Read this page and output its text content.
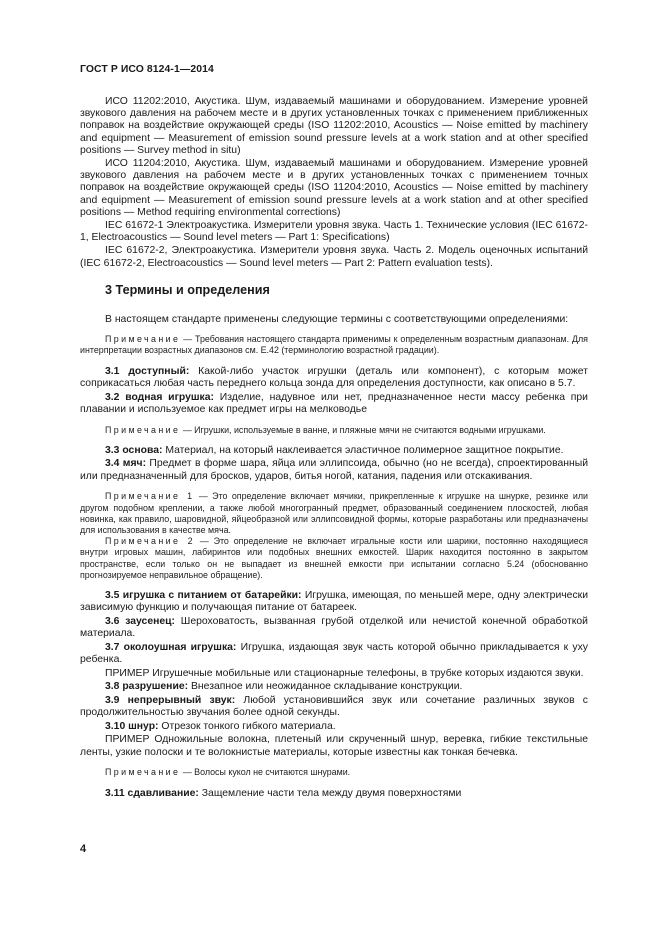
ГОСТ Р ИСО 8124-1—2014

ИСО 11202:2010, Акустика. Шум, издаваемый машинами и оборудованием. Измерение уровней звукового давления на рабочем месте и в других установленных точках с применением приближенных поправок на воздействие окружающей среды (ISO 11202:2010, Acoustics — Noise emitted by machinery and equipment — Measurement of emission sound pressure levels at a work station and at other specified positions — Survey method in situ)

ИСО 11204:2010, Акустика. Шум, издаваемый машинами и оборудованием. Измерение уровней звукового давления на рабочем месте и в других установленных точках с применением точных поправок на воздействие окружающей среды (ISO 11204:2010, Acoustics — Noise emitted by machinery and equipment — Measurement of emission sound pressure levels at a work station and at other specified positions — Method requiring environmental corrections)

IEC 61672-1 Электроакустика. Измерители уровня звука. Часть 1. Технические условия (IEC 61672-1, Electroacoustics — Sound level meters — Part 1: Specifications)

IEC 61672-2, Электроакустика. Измерители уровня звука. Часть 2. Модель оценочных испытаний (IEC 61672-2, Electroacoustics — Sound level meters — Part 2: Pattern evaluation tests).

3 Термины и определения

В настоящем стандарте применены следующие термины с соответствующими определениями:

Примечание — Требования настоящего стандарта применимы к определенным возрастным диапазонам. Для интерпретации возрастных диапазонов см. Е.42 (терминологию возрастной градации).

3.1 доступный: Какой-либо участок игрушки (деталь или компонент), с которым может соприкасаться любая часть переднего кольца зонда для определения доступности, как описано в 5.7.

3.2 водная игрушка: Изделие, надувное или нет, предназначенное нести массу ребенка при плавании и используемое как предмет игры на мелководье

Примечание — Игрушки, используемые в ванне, и пляжные мячи не считаются водными игрушками.

3.3 основа: Материал, на который наклеивается эластичное полимерное защитное покрытие.

3.4 мяч: Предмет в форме шара, яйца или эллипсоида, обычно (но не всегда), спроектированный или предназначенный для бросков, ударов, битья ногой, катания, падения или отскакивания.

Примечание 1 — Это определение включает мячики, прикрепленные к игрушке на шнурке, резинке или другом подобном креплении, а также любой многогранный предмет, образованный соединением плоскостей, любая новинка, как правило, шаровидной, яйцеобразной или эллипсовидной формы, которые разработаны или предназначены для использования в качестве мяча.

Примечание 2 — Это определение не включает игральные кости или шарики, постоянно находящиеся внутри игровых машин, лабиринтов или подобных внешних емкостей. Шарик находится постоянно в закрытом пространстве, если только он не выпадает из внешней емкости при испытании согласно 5.24 (обоснованно прогнозируемое неправильное обращение).

3.5 игрушка с питанием от батарейки: Игрушка, имеющая, по меньшей мере, одну электрически зависимую функцию и получающая питание от батареек.

3.6 заусенец: Шероховатость, вызванная грубой отделкой или нечистой конечной обработкой материала.

3.7 околоушная игрушка: Игрушка, издающая звук часть которой обычно прикладывается к уху ребенка.

ПРИМЕР Игрушечные мобильные или стационарные телефоны, в трубке которых издаются звуки.

3.8 разрушение: Внезапное или неожиданное складывание конструкции.

3.9 непрерывный звук: Любой установившийся звук или сочетание различных звуков с продолжительностью звучания более одной секунды.

3.10 шнур: Отрезок тонкого гибкого материала.

ПРИМЕР Одножильные волокна, плетеный или скрученный шнур, веревка, гибкие текстильные ленты, узкие полоски и те волокнистые материалы, которые известны как тонкая бечевка.

Примечание — Волосы кукол не считаются шнурами.

3.11 сдавливание: Защемление части тела между двумя поверхностями

4
